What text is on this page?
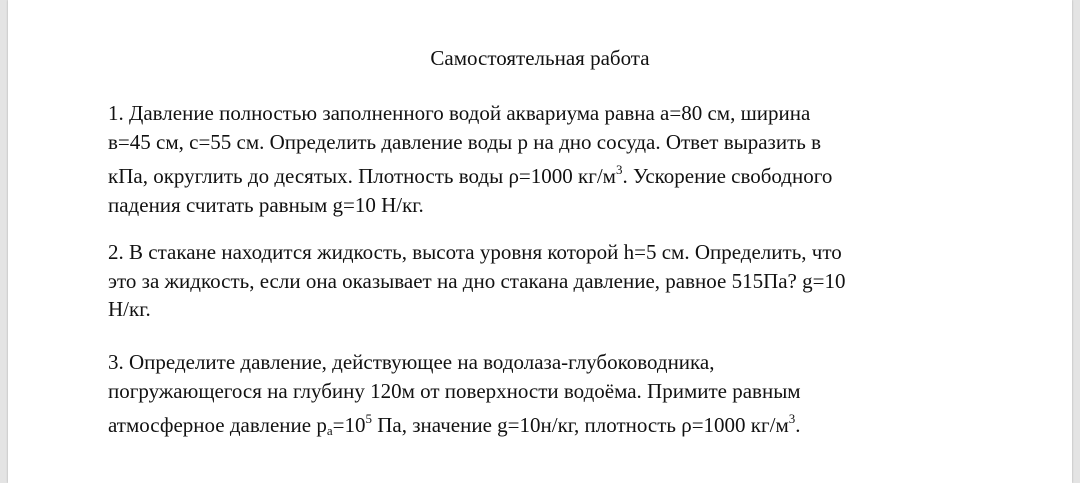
Самостоятельная работа
1. Давление полностью заполненного водой аквариума равна a=80 см, ширина
в=45 см, c=55 см. Определить давление воды p на дно сосуда. Ответ выразить в
кПа, округлить до десятых. Плотность воды ρ=1000 $кг/м^3$. Ускорение свободного
падения считать равным g=10 Н/кг.
2. В стакане находится жидкость, высота уровня которой h=5 см. Определить, что
это за жидкость, если она оказывает на дно стакана давление, равное 515Па? g=10
Н/кг.
3. Определите давление, действующее на водолаза-глубоководника,
погружающегося на глубину 120м от поверхности водоёма. Примите равным
атмосферное давление $p_a=10^5$ Па, значение g=10н/кг, плотность ρ=1000 $кг/м^3$.
